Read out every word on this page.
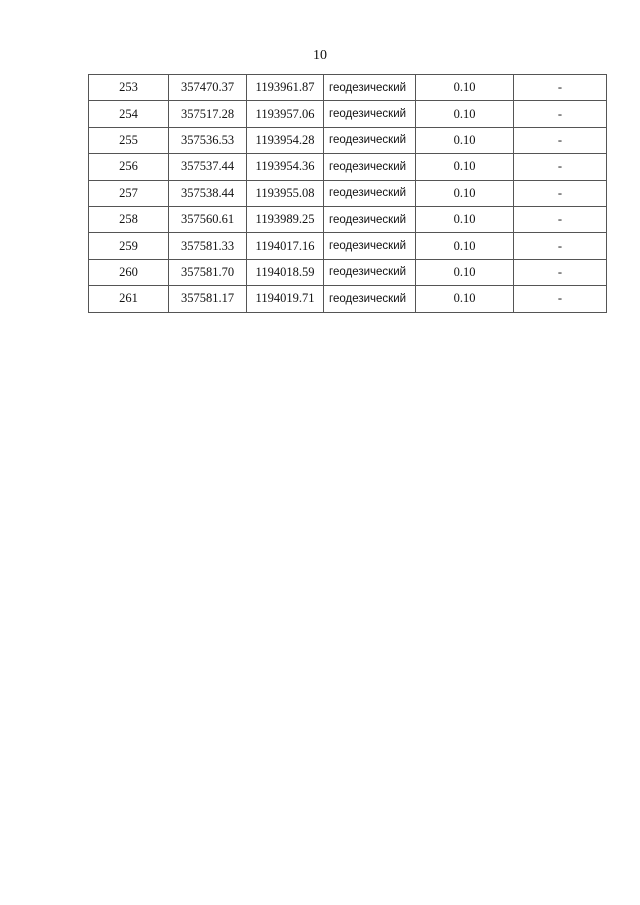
10
253	357470.37	1193961.87	геодезический	0.10	-
254	357517.28	1193957.06	геодезический	0.10	-
255	357536.53	1193954.28	геодезический	0.10	-
256	357537.44	1193954.36	геодезический	0.10	-
257	357538.44	1193955.08	геодезический	0.10	-
258	357560.61	1193989.25	геодезический	0.10	-
259	357581.33	1194017.16	геодезический	0.10	-
260	357581.70	1194018.59	геодезический	0.10	-
261	357581.17	1194019.71	геодезический	0.10	-
